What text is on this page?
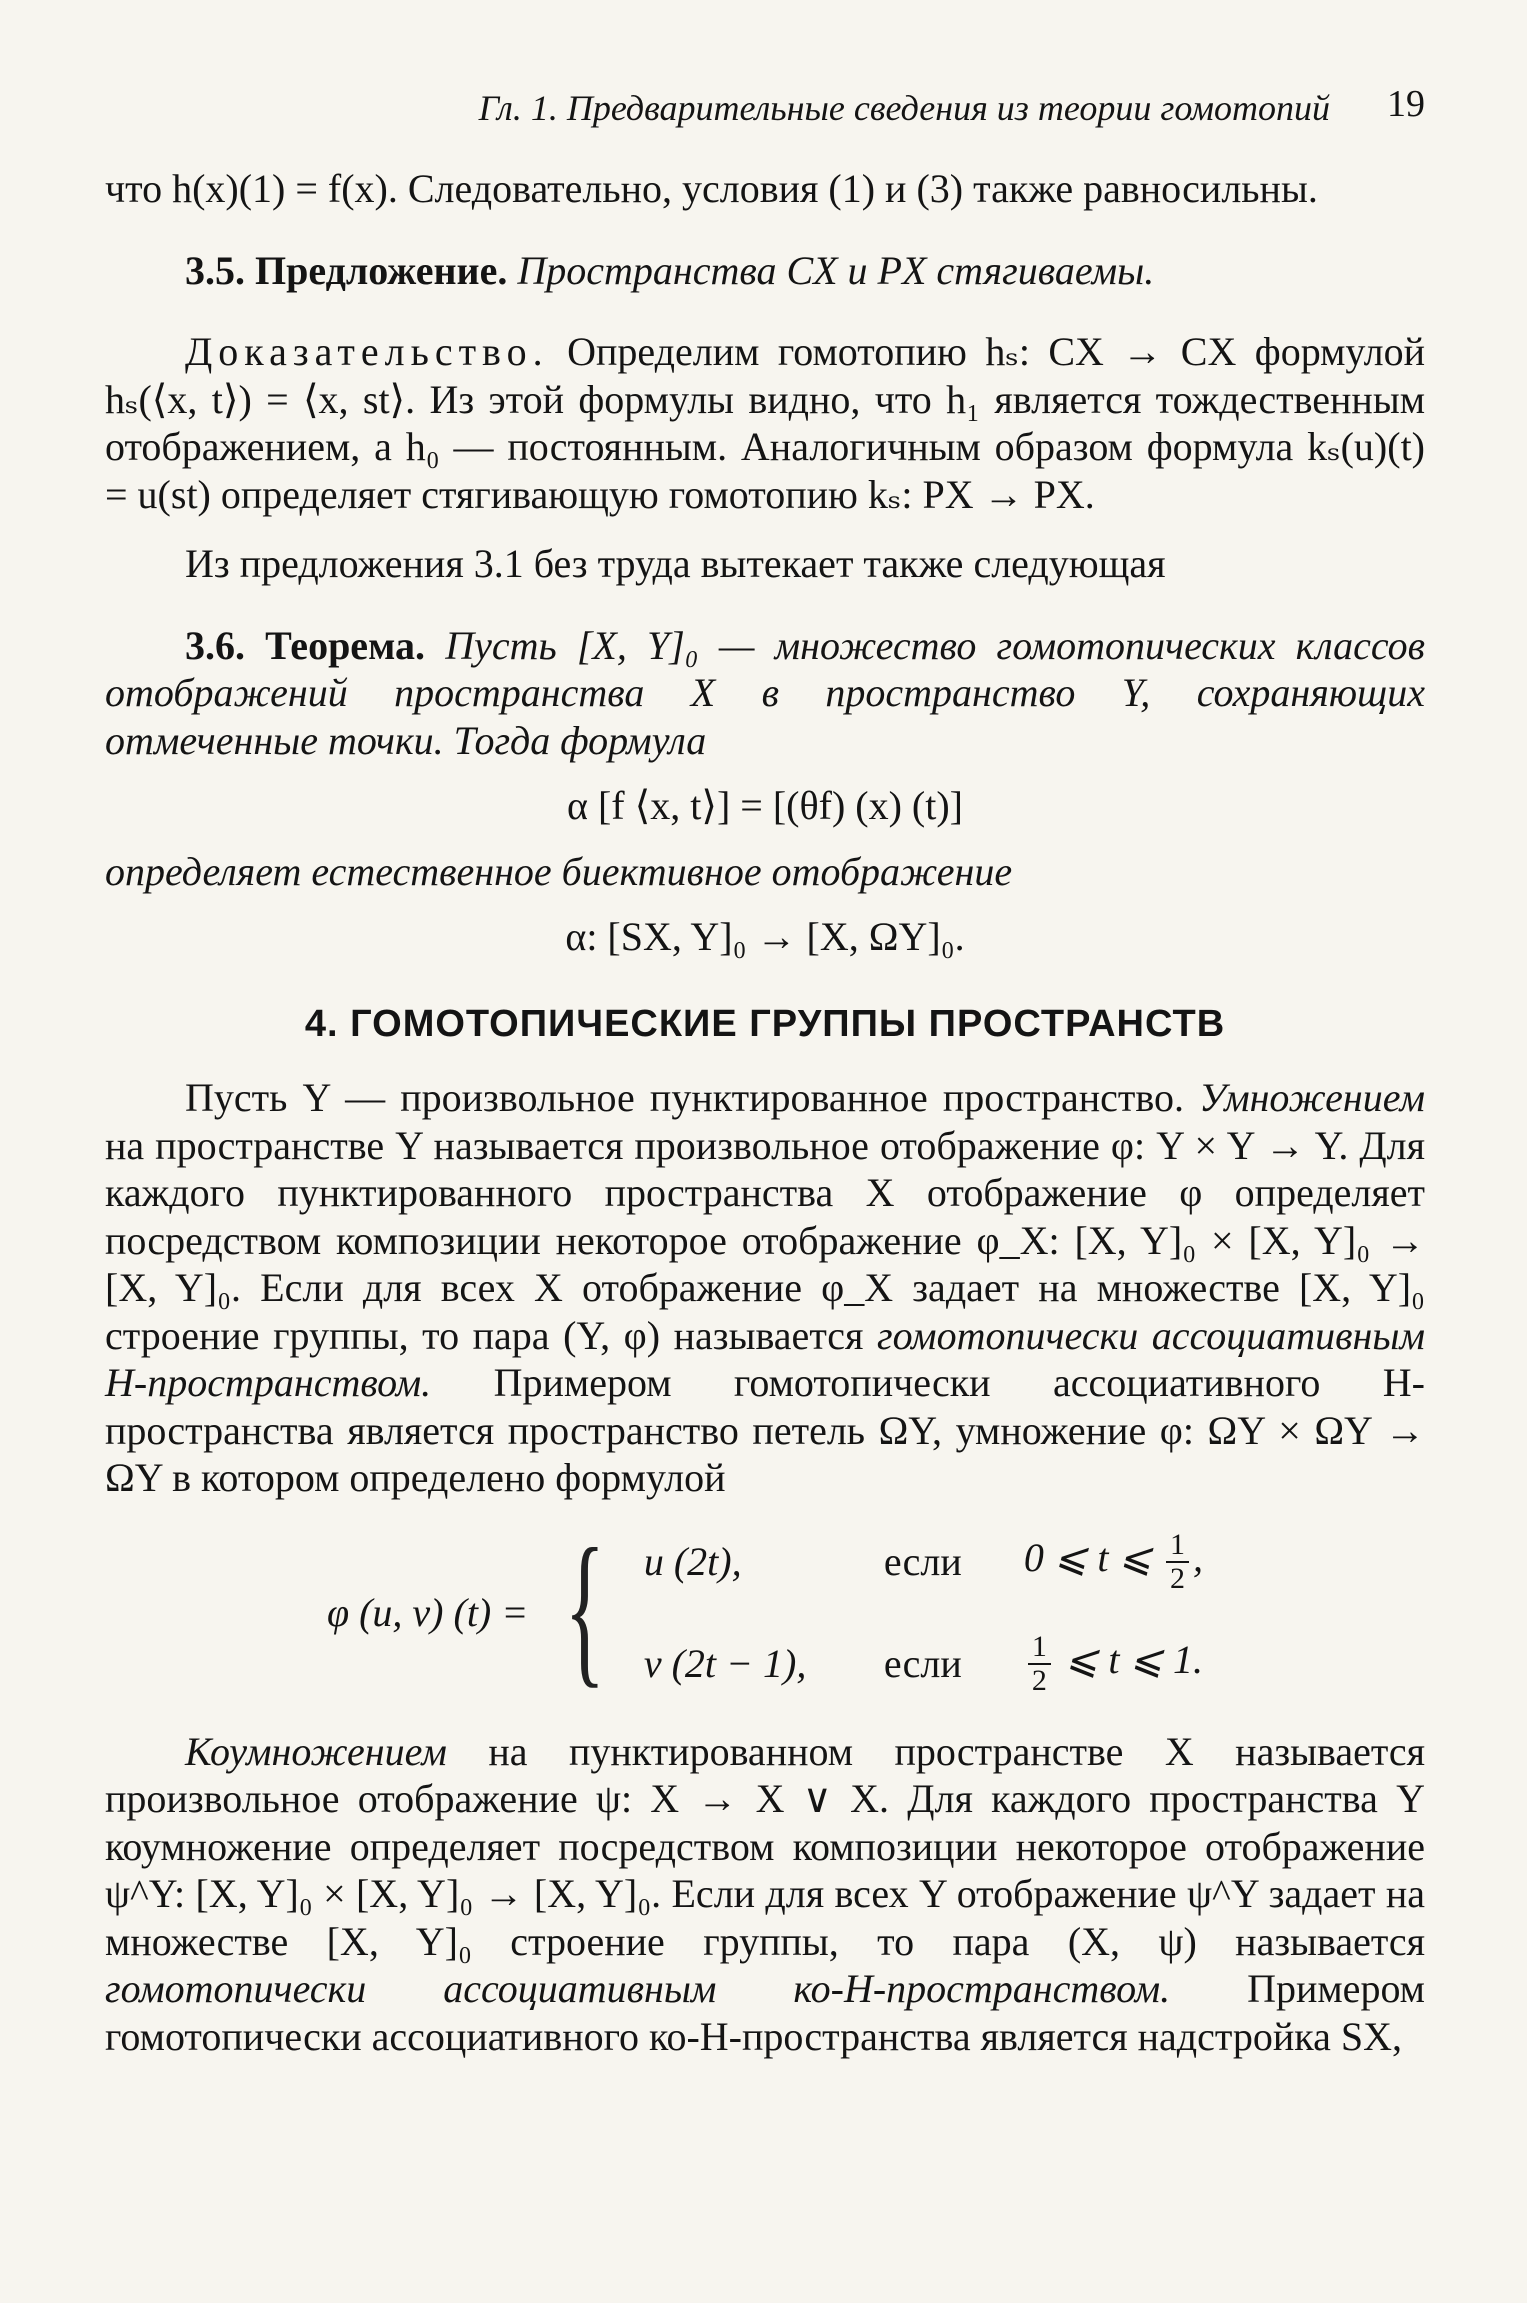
Гл. 1. Предварительные сведения из теории гомотопий 19

что h(x)(1) = f(x). Следовательно, условия (1) и (3) также равносильны.

3.5. Предложение. Пространства CX и PX стягиваемы.

Доказательство. Определим гомотопию hₛ: CX → CX формулой hₛ(⟨x, t⟩) = ⟨x, st⟩. Из этой формулы видно, что h₁ является тождественным отображением, а h₀ — постоянным. Аналогичным образом формула kₛ(u)(t) = u(st) определяет стягивающую гомотопию kₛ: PX → PX.

Из предложения 3.1 без труда вытекает также следующая

3.6. Теорема. Пусть [X, Y]₀ — множество гомотопических классов отображений пространства X в пространство Y, сохраняющих отмеченные точки. Тогда формула

α [f ⟨x, t⟩] = [(θf) (x) (t)]

определяет естественное биективное отображение

α: [SX, Y]₀ → [X, ΩY]₀.
4. ГОМОТОПИЧЕСКИЕ ГРУППЫ ПРОСТРАНСТВ

Пусть Y — произвольное пунктированное пространство. Умножением на пространстве Y называется произвольное отображение φ: Y × Y → Y. Для каждого пунктированного пространства X отображение φ определяет посредством композиции некоторое отображение φ_X: [X, Y]₀ × [X, Y]₀ → [X, Y]₀. Если для всех X отображение φ_X задает на множестве [X, Y]₀ строение группы, то пара (Y, φ) называется гомотопически ассоциативным H-пространством. Примером гомотопически ассоциативного H-пространства является пространство петель ΩY, умножение φ: ΩY × ΩY → ΩY в котором определено формулой

φ (u, v) (t) = { u (2t),	если	0 ⩽ t ⩽ $\frac{1}{2}$ ,
v (2t − 1),	если	$\frac{1}{2}$ ⩽ t ⩽ 1.

Коумножением на пунктированном пространстве X называется произвольное отображение ψ: X → X ∨ X. Для каждого пространства Y коумножение определяет посредством композиции некоторое отображение ψ^Y: [X, Y]₀ × [X, Y]₀ → [X, Y]₀. Если для всех Y отображение ψ^Y задает на множестве [X, Y]₀ строение группы, то пара (X, ψ) называется гомотопически ассоциативным ко-H-пространством. Примером гомотопически ассоциативного ко-H-пространства является надстройка SX,
